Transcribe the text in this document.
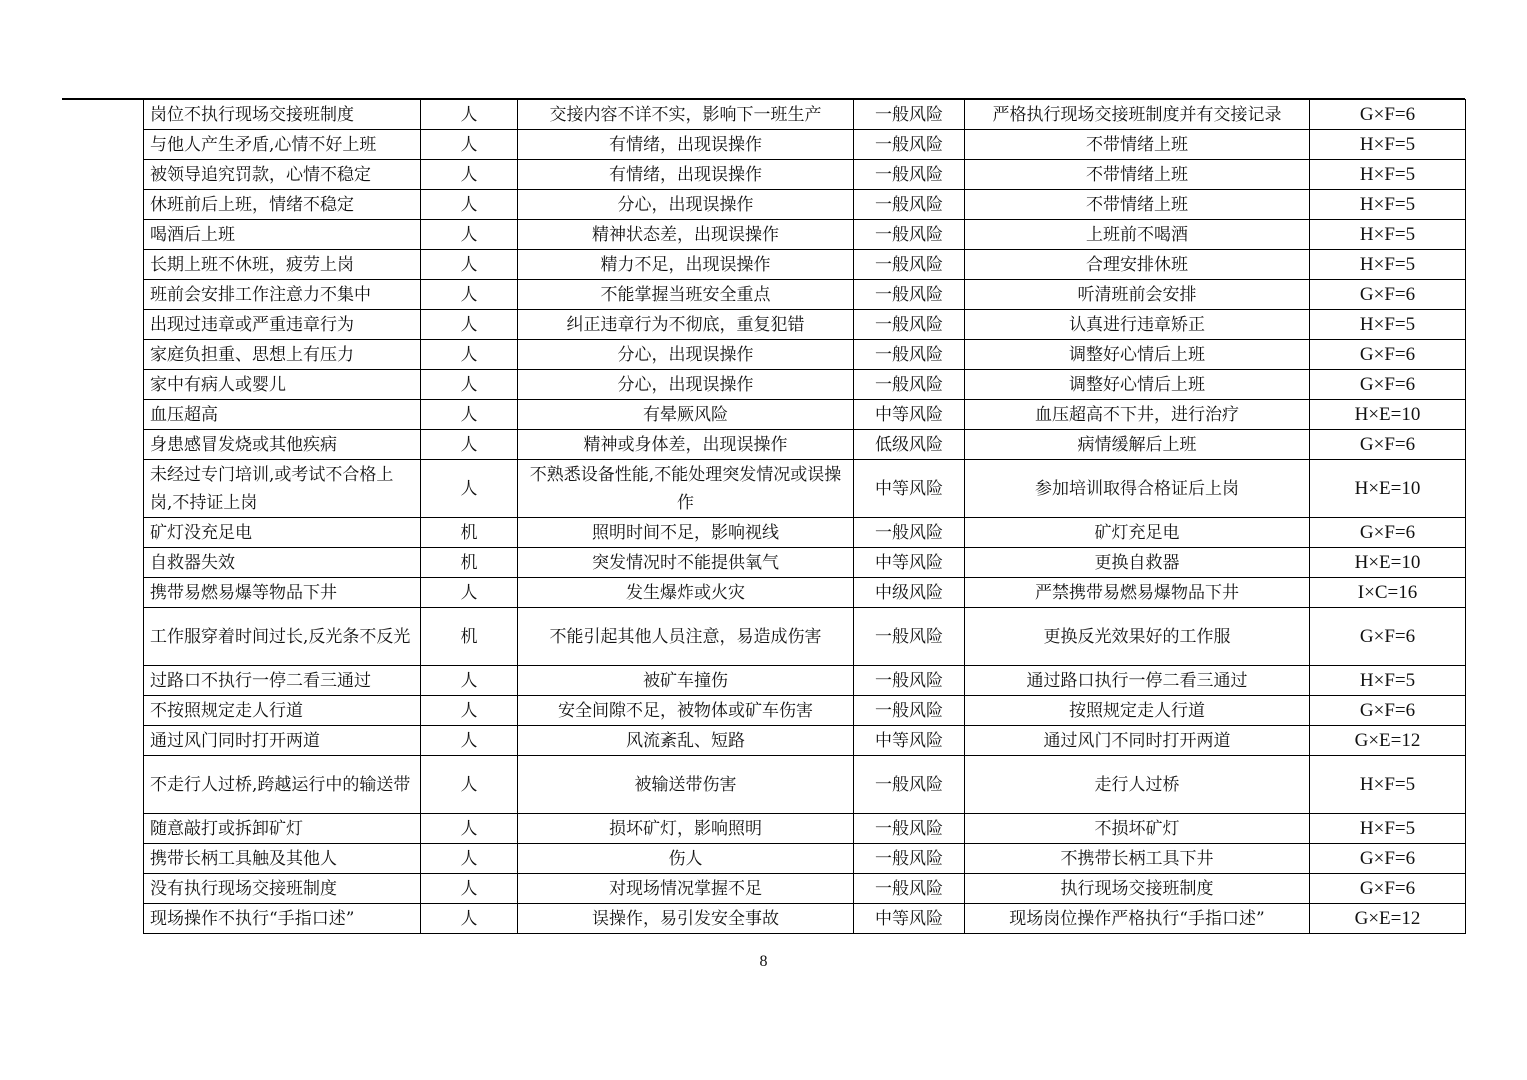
岗位不执行现场交接班制度	人	交接内容不详不实，影响下一班生产	一般风险	严格执行现场交接班制度并有交接记录	G×F=6
与他人产生矛盾,心情不好上班	人	有情绪，出现误操作	一般风险	不带情绪上班	H×F=5
被领导追究罚款，心情不稳定	人	有情绪，出现误操作	一般风险	不带情绪上班	H×F=5
休班前后上班，情绪不稳定	人	分心，出现误操作	一般风险	不带情绪上班	H×F=5
喝酒后上班	人	精神状态差，出现误操作	一般风险	上班前不喝酒	H×F=5
长期上班不休班，疲劳上岗	人	精力不足，出现误操作	一般风险	合理安排休班	H×F=5
班前会安排工作注意力不集中	人	不能掌握当班安全重点	一般风险	听清班前会安排	G×F=6
出现过违章或严重违章行为	人	纠正违章行为不彻底，重复犯错	一般风险	认真进行违章矫正	H×F=5
家庭负担重、思想上有压力	人	分心，出现误操作	一般风险	调整好心情后上班	G×F=6
家中有病人或婴儿	人	分心，出现误操作	一般风险	调整好心情后上班	G×F=6
血压超高	人	有晕厥风险	中等风险	血压超高不下井，进行治疗	H×E=10
身患感冒发烧或其他疾病	人	精神或身体差，出现误操作	低级风险	病情缓解后上班	G×F=6
未经过专门培训,或考试不合格上岗,不持证上岗	人	不熟悉设备性能,不能处理突发情况或误操作	中等风险	参加培训取得合格证后上岗	H×E=10
矿灯没充足电	机	照明时间不足，影响视线	一般风险	矿灯充足电	G×F=6
自救器失效	机	突发情况时不能提供氧气	中等风险	更换自救器	H×E=10
携带易燃易爆等物品下井	人	发生爆炸或火灾	中级风险	严禁携带易燃易爆物品下井	I×C=16
工作服穿着时间过长,反光条不反光	机	不能引起其他人员注意，易造成伤害	一般风险	更换反光效果好的工作服	G×F=6
过路口不执行一停二看三通过	人	被矿车撞伤	一般风险	通过路口执行一停二看三通过	H×F=5
不按照规定走人行道	人	安全间隙不足，被物体或矿车伤害	一般风险	按照规定走人行道	G×F=6
通过风门同时打开两道	人	风流紊乱、短路	中等风险	通过风门不同时打开两道	G×E=12
不走行人过桥,跨越运行中的输送带	人	被输送带伤害	一般风险	走行人过桥	H×F=5
随意敲打或拆卸矿灯	人	损坏矿灯，影响照明	一般风险	不损坏矿灯	H×F=5
携带长柄工具触及其他人	人	伤人	一般风险	不携带长柄工具下井	G×F=6
没有执行现场交接班制度	人	对现场情况掌握不足	一般风险	执行现场交接班制度	G×F=6
现场操作不执行“手指口述”	人	误操作，易引发安全事故	中等风险	现场岗位操作严格执行“手指口述”	G×E=12
8
